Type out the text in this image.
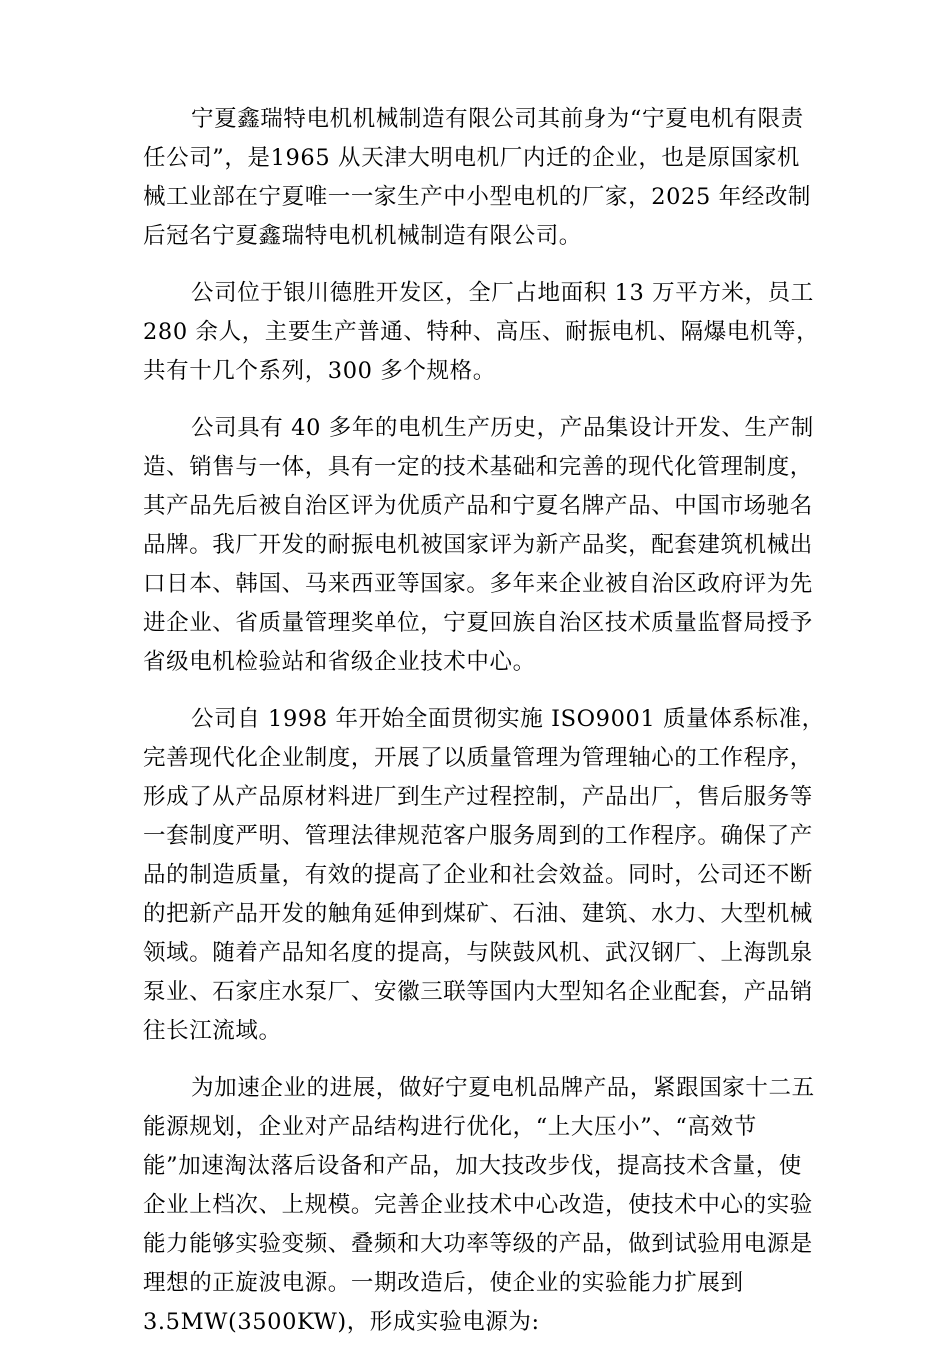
宁夏鑫瑞特电机机械制造有限公司其前身为“宁夏电机有限责
任公司”，是1965 从天津大明电机厂内迁的企业，也是原国家机
械工业部在宁夏唯一一家生产中小型电机的厂家，2025 年经改制
后冠名宁夏鑫瑞特电机机械制造有限公司。

公司位于银川德胜开发区，全厂占地面积 13 万平方米，员工
280 余人，主要生产普通、特种、高压、耐振电机、隔爆电机等，
共有十几个系列，300 多个规格。

公司具有 40 多年的电机生产历史，产品集设计开发、生产制
造、销售与一体，具有一定的技术基础和完善的现代化管理制度，
其产品先后被自治区评为优质产品和宁夏名牌产品、中国市场驰名
品牌。我厂开发的耐振电机被国家评为新产品奖，配套建筑机械出
口日本、韩国、马来西亚等国家。多年来企业被自治区政府评为先
进企业、省质量管理奖单位，宁夏回族自治区技术质量监督局授予
省级电机检验站和省级企业技术中心。

公司自 1998 年开始全面贯彻实施 ISO9001 质量体系标准，
完善现代化企业制度，开展了以质量管理为管理轴心的工作程序，
形成了从产品原材料进厂到生产过程控制，产品出厂，售后服务等
一套制度严明、管理法律规范客户服务周到的工作程序。确保了产
品的制造质量，有效的提高了企业和社会效益。同时，公司还不断
的把新产品开发的触角延伸到煤矿、石油、建筑、水力、大型机械
领域。随着产品知名度的提高，与陕鼓风机、武汉钢厂、上海凯泉
泵业、石家庄水泵厂、安徽三联等国内大型知名企业配套，产品销
往长江流域。

为加速企业的进展，做好宁夏电机品牌产品，紧跟国家十二五
能源规划，企业对产品结构进行优化，“上大压小”、“高效节
能”加速淘汰落后设备和产品，加大技改步伐，提高技术含量，使
企业上档次、上规模。完善企业技术中心改造，使技术中心的实验
能力能够实验变频、叠频和大功率等级的产品，做到试验用电源是
理想的正旋波电源。一期改造后，使企业的实验能力扩展到
3.5MW(3500KW)，形成实验电源为:
